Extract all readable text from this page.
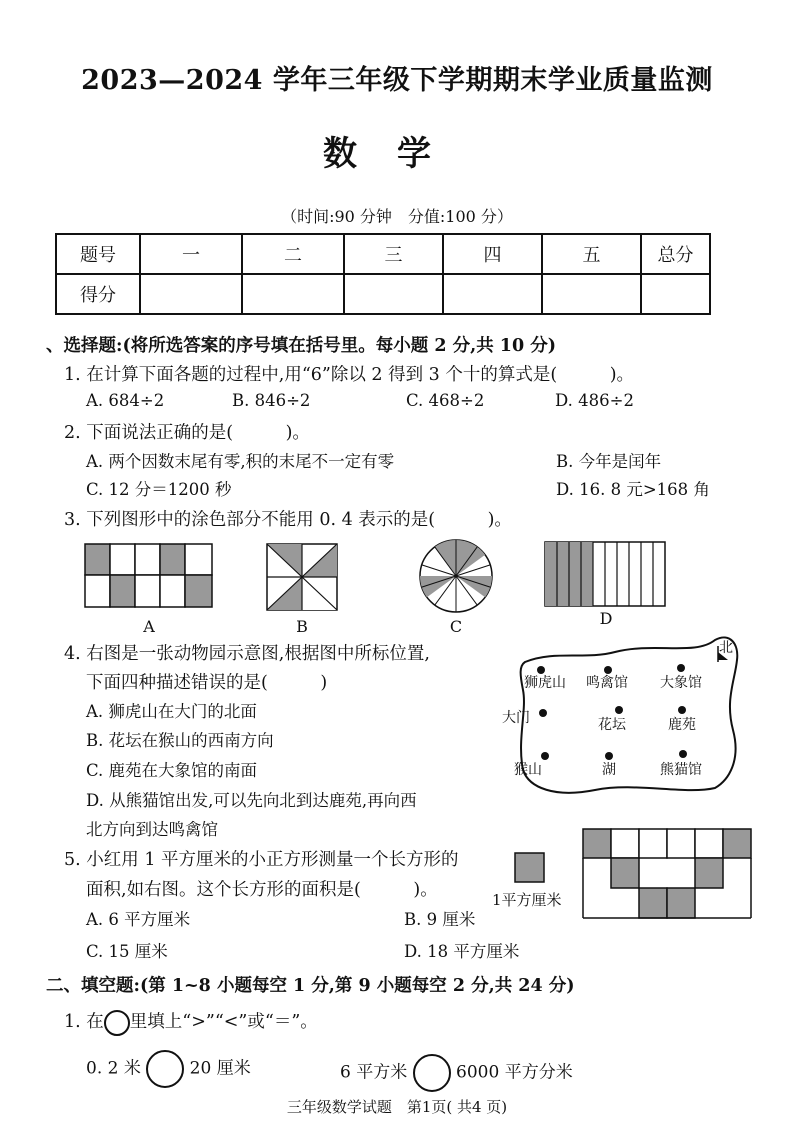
2023—2024 学年三年级下学期期末学业质量监测
数学
（时间:90 分钟　分值:100 分）
题号	一	二	三	四	五	总分
得分						
、选择题:(将所选答案的序号填在括号里。每小题 2 分,共 10 分)
1. 在计算下面各题的过程中,用“6”除以 2 得到 3 个十的算式是(　　　)。
A. 684÷2	B. 846÷2	C. 468÷2	D. 486÷2
2. 下面说法正确的是(　　　)。
A. 两个因数末尾有零,积的末尾不一定有零	B. 今年是闰年
C. 12 分＝1200 秒	D. 16. 8 元>168 角
3. 下列图形中的涂色部分不能用 0. 4 表示的是(　　　)。
A	B	C	D
4. 右图是一张动物园示意图,根据图中所标位置,
下面四种描述错误的是(　　　)
A. 狮虎山在大门的北面
B. 花坛在猴山的西南方向
C. 鹿苑在大象馆的南面
D. 从熊猫馆出发,可以先向北到达鹿苑,再向西
北方向到达鸣禽馆
北
狮虎山 鸣禽馆 大象馆
大门	花坛	鹿苑
猴山	湖	熊猫馆
5. 小红用 1 平方厘米的小正方形测量一个长方形的
面积,如右图。这个长方形的面积是(　　　)。
A. 6 平方厘米	B. 9 厘米
C. 15 厘米	D. 18 平方厘米
1平方厘米
二、填空题:(第 1~8 小题每空 1 分,第 9 小题每空 2 分,共 24 分)
1. 在 里填上“>”“<”或“＝”。
0. 2 米	20 厘米	6 平方米	6000 平方分米
三年级数学试题　第1页( 共4 页)
